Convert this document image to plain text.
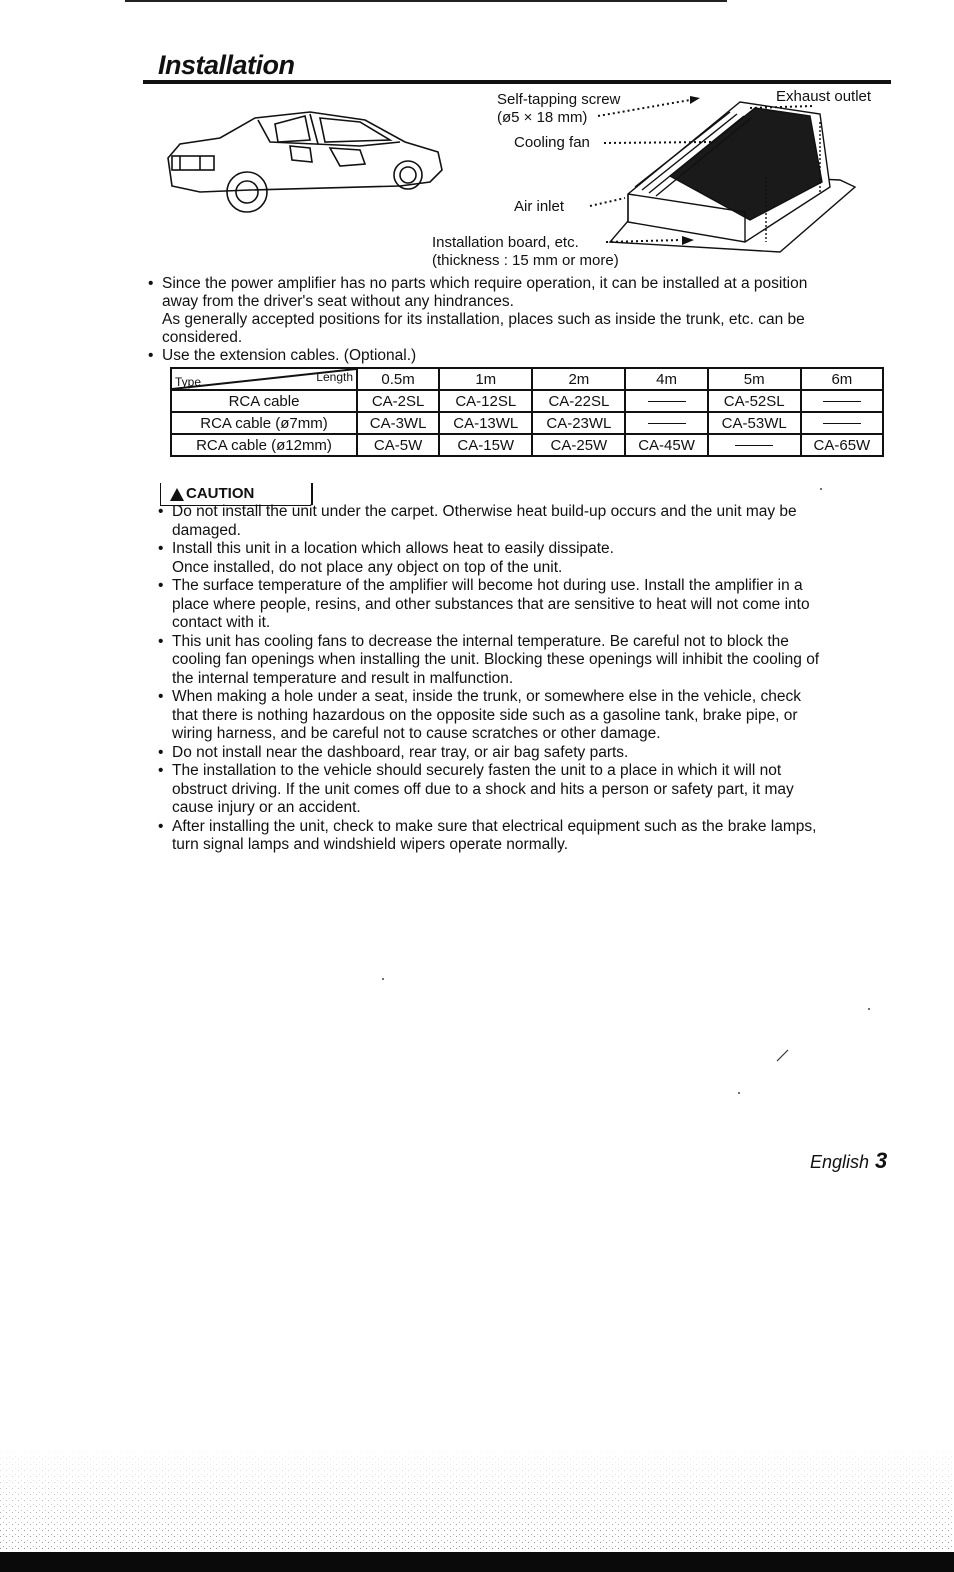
Installation
Self-tapping screw
(ø5 × 18 mm)
Exhaust outlet
Cooling fan
Air inlet
Installation board, etc.
(thickness : 15 mm or more)
• Since the power amplifier has no parts which require operation, it can be installed at a position
away from the driver's seat without any hindrances.
As generally accepted positions for its installation, places such as inside the trunk, etc. can be
considered.
• Use the extension cables. (Optional.)
Type Length	0.5m	1m	2m	4m	5m	6m
RCA cable	CA-2SL	CA-12SL	CA-22SL		CA-52SL	
RCA cable (ø7mm)	CA-3WL	CA-13WL	CA-23WL		CA-53WL	
RCA cable (ø12mm)	CA-5W	CA-15W	CA-25W	CA-45W		CA-65W
CAUTION
• Do not install the unit under the carpet. Otherwise heat build-up occurs and the unit may be
damaged.
• Install this unit in a location which allows heat to easily dissipate.
Once installed, do not place any object on top of the unit.
• The surface temperature of the amplifier will become hot during use. Install the amplifier in a
place where people, resins, and other substances that are sensitive to heat will not come into
contact with it.
• This unit has cooling fans to decrease the internal temperature. Be careful not to block the
cooling fan openings when installing the unit. Blocking these openings will inhibit the cooling of
the internal temperature and result in malfunction.
• When making a hole under a seat, inside the trunk, or somewhere else in the vehicle, check
that there is nothing hazardous on the opposite side such as a gasoline tank, brake pipe, or
wiring harness, and be careful not to cause scratches or other damage.
• Do not install near the dashboard, rear tray, or air bag safety parts.
• The installation to the vehicle should securely fasten the unit to a place in which it will not
obstruct driving. If the unit comes off due to a shock and hits a person or safety part, it may
cause injury or an accident.
• After installing the unit, check to make sure that electrical equipment such as the brake lamps,
turn signal lamps and windshield wipers operate normally.
English 3
